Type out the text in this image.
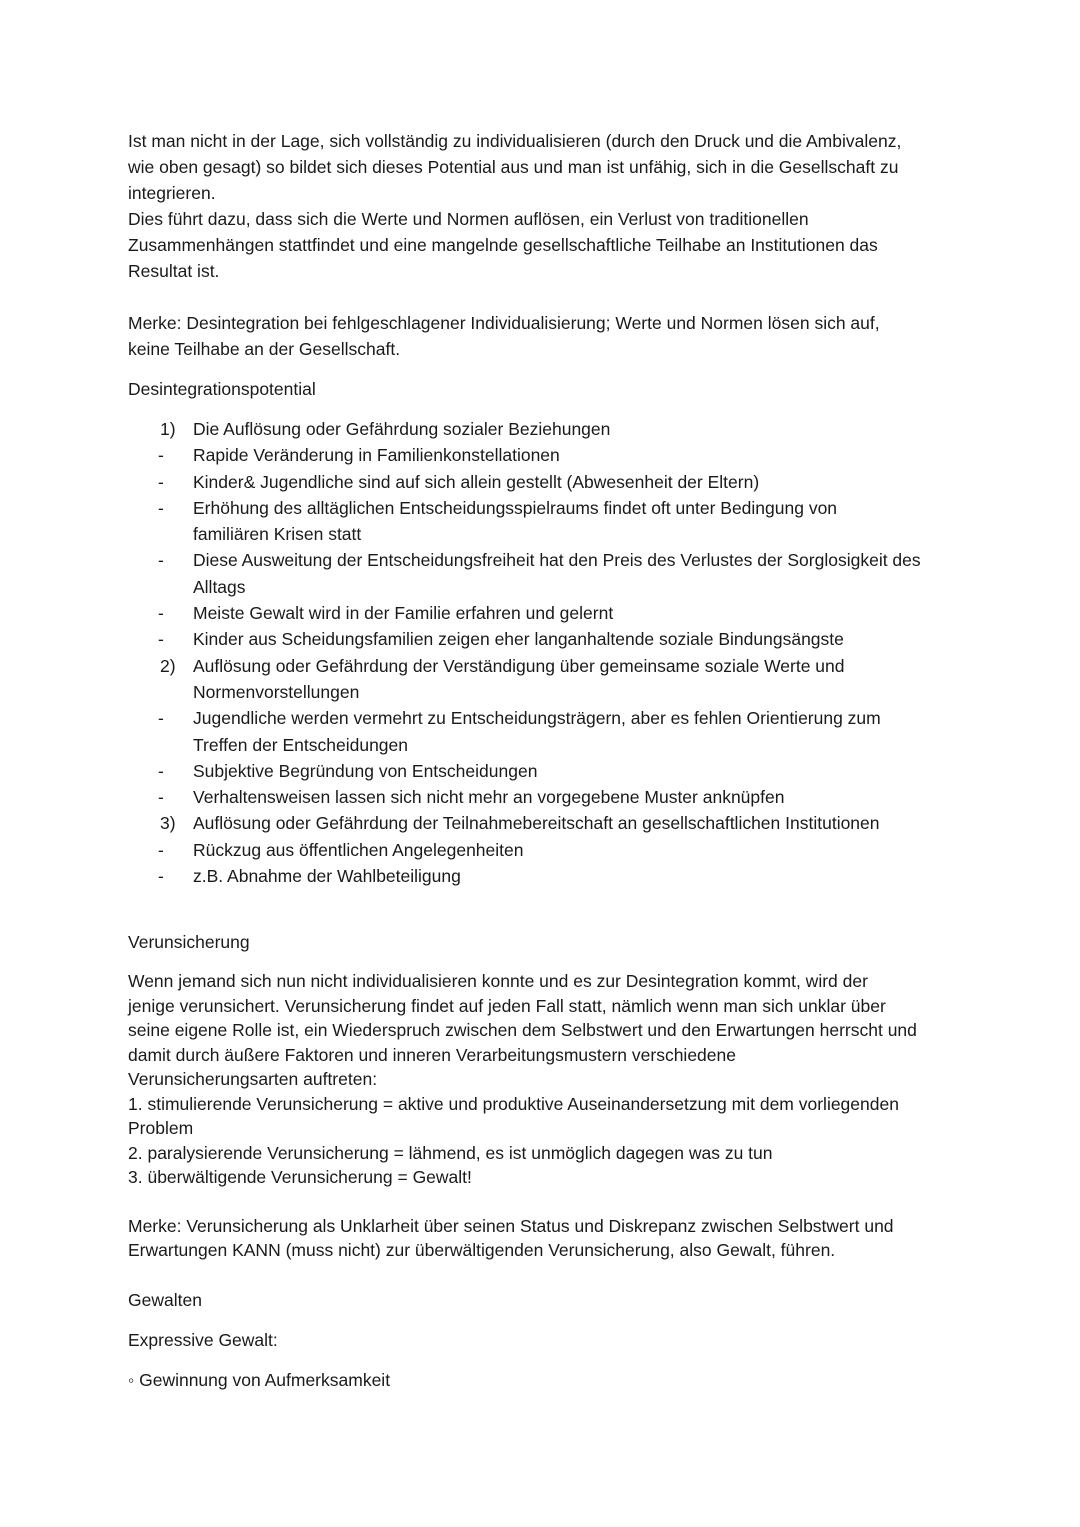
Ist man nicht in der Lage, sich vollständig zu individualisieren (durch den Druck und die Ambivalenz,
wie oben gesagt) so bildet sich dieses Potential aus und man ist unfähig, sich in die Gesellschaft zu
integrieren.
Dies führt dazu, dass sich die Werte und Normen auflösen, ein Verlust von traditionellen
Zusammenhängen stattfindet und eine mangelnde gesellschaftliche Teilhabe an Institutionen das
Resultat ist.
Merke: Desintegration bei fehlgeschlagener Individualisierung; Werte und Normen lösen sich auf,
keine Teilhabe an der Gesellschaft.
Desintegrationspotential
1) Die Auflösung oder Gefährdung sozialer Beziehungen
-	Rapide Veränderung in Familienkonstellationen
-	Kinder& Jugendliche sind auf sich allein gestellt (Abwesenheit der Eltern)
-	Erhöhung des alltäglichen Entscheidungsspielraums findet oft unter Bedingung von
familiären Krisen statt
-	Diese Ausweitung der Entscheidungsfreiheit hat den Preis des Verlustes der Sorglosigkeit des
Alltags
-	Meiste Gewalt wird in der Familie erfahren und gelernt
-	Kinder aus Scheidungsfamilien zeigen eher langanhaltende soziale Bindungsängste
2) Auflösung oder Gefährdung der Verständigung über gemeinsame soziale Werte und
Normenvorstellungen
-	Jugendliche werden vermehrt zu Entscheidungsträgern, aber es fehlen Orientierung zum
Treffen der Entscheidungen
-	Subjektive Begründung von Entscheidungen
-	Verhaltensweisen lassen sich nicht mehr an vorgegebene Muster anknüpfen
3) Auflösung oder Gefährdung der Teilnahmebereitschaft an gesellschaftlichen Institutionen
-	Rückzug aus öffentlichen Angelegenheiten
-	z.B. Abnahme der Wahlbeteiligung
Verunsicherung
Wenn jemand sich nun nicht individualisieren konnte und es zur Desintegration kommt, wird der
jenige verunsichert. Verunsicherung findet auf jeden Fall statt, nämlich wenn man sich unklar über
seine eigene Rolle ist, ein Wiederspruch zwischen dem Selbstwert und den Erwartungen herrscht und
damit durch äußere Faktoren und inneren Verarbeitungsmustern verschiedene
Verunsicherungsarten auftreten:
1. stimulierende Verunsicherung = aktive und produktive Auseinandersetzung mit dem vorliegenden
Problem
2. paralysierende Verunsicherung = lähmend, es ist unmöglich dagegen was zu tun
3. überwältigende Verunsicherung = Gewalt!
Merke: Verunsicherung als Unklarheit über seinen Status und Diskrepanz zwischen Selbstwert und
Erwartungen KANN (muss nicht) zur überwältigenden Verunsicherung, also Gewalt, führen.
Gewalten
Expressive Gewalt:
◦ Gewinnung von Aufmerksamkeit
